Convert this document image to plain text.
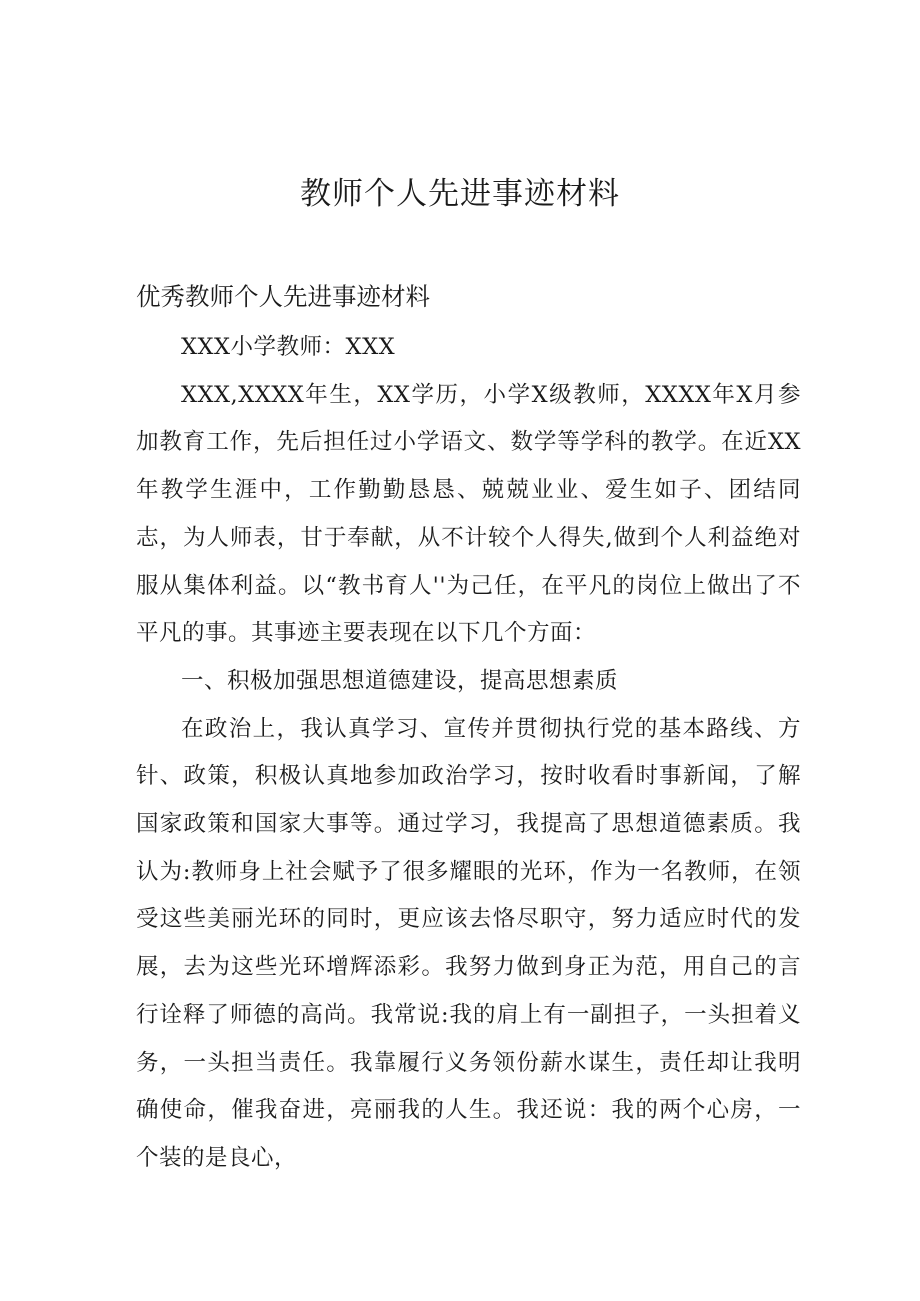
教师个人先进事迹材料
优秀教师个人先进事迹材料

XXX小学教师：XXX

XXX,XXXX年生，XX学历，小学X级教师，XXXX年X月参加教育工作，先后担任过小学语文、数学等学科的教学。在近XX年教学生涯中，工作勤勤恳恳、兢兢业业、爱生如子、团结同志，为人师表，甘于奉献，从不计较个人得失,做到个人利益绝对服从集体利益。以“教书育人''为己任，在平凡的岗位上做出了不平凡的事。其事迹主要表现在以下几个方面：

一、积极加强思想道德建设，提高思想素质

在政治上，我认真学习、宣传并贯彻执行党的基本路线、方针、政策，积极认真地参加政治学习，按时收看时事新闻，了解国家政策和国家大事等。通过学习，我提高了思想道德素质。我认为:教师身上社会赋予了很多耀眼的光环，作为一名教师，在领受这些美丽光环的同时，更应该去恪尽职守，努力适应时代的发展，去为这些光环增辉添彩。我努力做到身正为范，用自己的言行诠释了师德的高尚。我常说:我的肩上有一副担子，一头担着义务，一头担当责任。我靠履行义务领份薪水谋生，责任却让我明确使命，催我奋进，亮丽我的人生。我还说：我的两个心房，一个装的是良心，
